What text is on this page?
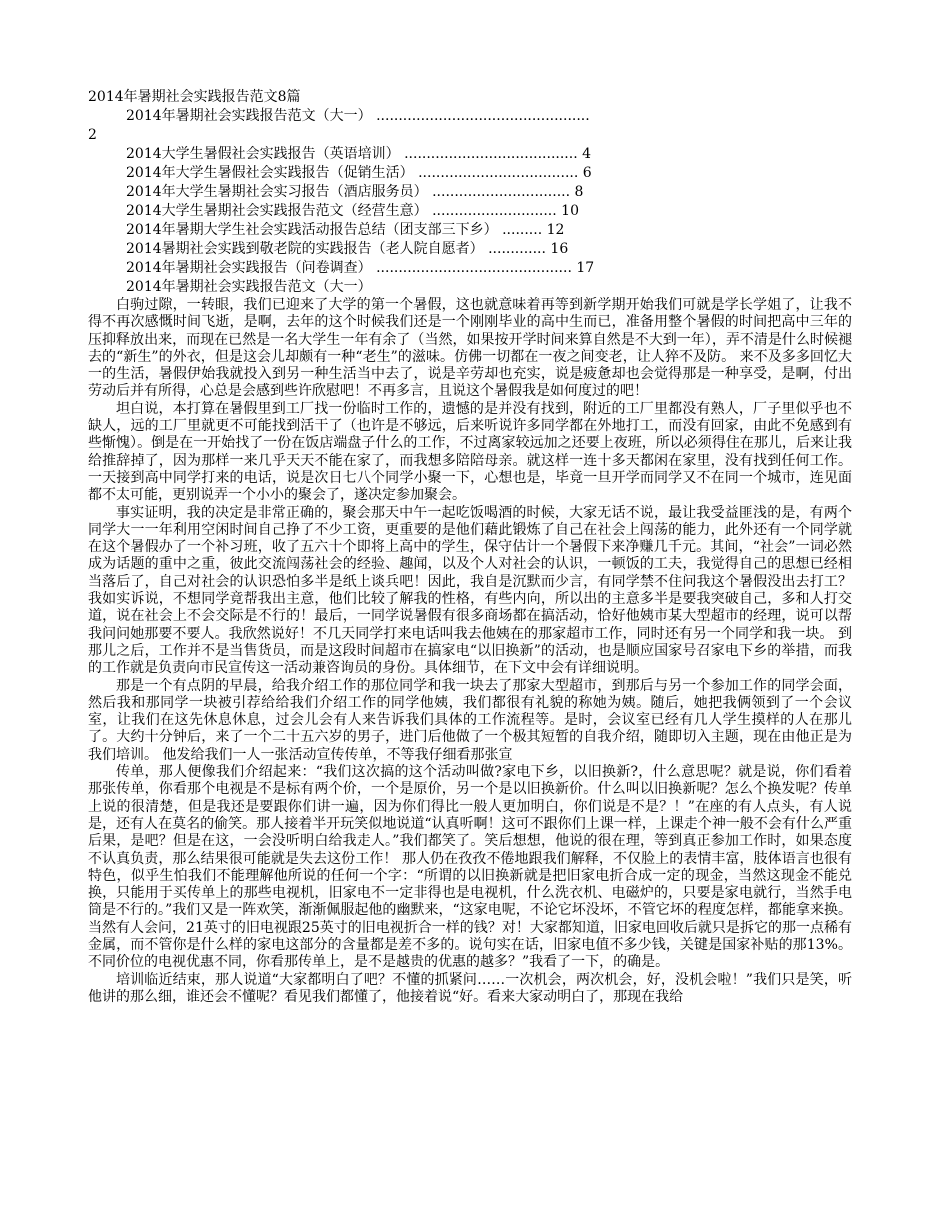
2014年暑期社会实践报告范文8篇

2014年暑期社会实践报告范文（大一） ................................................
2
2014大学生暑假社会实践报告（英语培训） ....................................... 4
2014年大学生暑假社会实践报告（促销生活） .................................... 6
2014年大学生暑期社会实习报告（酒店服务员） ............................... 8
2014大学生暑期社会实践报告范文（经营生意） ............................ 10
2014年暑期大学生社会实践活动报告总结（团支部三下乡） ......... 12
2014暑期社会实践到敬老院的实践报告（老人院自愿者） ............. 16
2014年暑期社会实践报告（问卷调查） ............................................ 17

2014年暑期社会实践报告范文（大一）

白驹过隙，一转眼，我们已迎来了大学的第一个暑假，这也就意味着再等到新学期开始我们可就是学长学姐了，让我不得不再次感慨时间飞逝，是啊，去年的这个时候我们还是一个刚刚毕业的高中生而已，准备用整个暑假的时间把高中三年的压抑释放出来，而现在已然是一名大学生一年有余了（当然，如果按开学时间来算自然是不大到一年），弄不清是什么时候褪去的“新生”的外衣，但是这会儿却颇有一种“老生”的滋味。仿佛一切都在一夜之间变老，让人猝不及防。 来不及多多回忆大一的生活，暑假伊始我就投入到另一种生活当中去了，说是辛劳却也充实，说是疲惫却也会觉得那是一种享受，是啊，付出劳动后并有所得，心总是会感到些许欣慰吧！不再多言，且说这个暑假我是如何度过的吧！

坦白说，本打算在暑假里到工厂找一份临时工作的，遗憾的是并没有找到，附近的工厂里都没有熟人，厂子里似乎也不缺人，远的工厂里就更不可能找到活干了（也许是不够远，后来听说许多同学都在外地打工，而没有回家，由此不免感到有些惭愧）。倒是在一开始找了一份在饭店端盘子什么的工作，不过离家较远加之还要上夜班，所以必须得住在那儿，后来让我给推辞掉了，因为那样一来几乎天天不能在家了，而我想多陪陪母亲。就这样一连十多天都闲在家里，没有找到任何工作。 一天接到高中同学打来的电话，说是次日七八个同学小聚一下，心想也是，毕竟一旦开学而同学又不在同一个城市，连见面都不太可能，更别说弄一个小小的聚会了，遂决定参加聚会。

事实证明，我的决定是非常正确的，聚会那天中午一起吃饭喝酒的时候，大家无话不说，最让我受益匪浅的是，有两个同学大一一年利用空闲时间自己挣了不少工资，更重要的是他们藉此锻炼了自己在社会上闯荡的能力，此外还有一个同学就在这个暑假办了一个补习班，收了五六十个即将上高中的学生，保守估计一个暑假下来净赚几千元。其间，“社会”一词必然成为话题的重中之重，彼此交流闯荡社会的经验、趣闻，以及个人对社会的认识，一顿饭的工夫，我觉得自己的思想已经相当落后了，自己对社会的认识恐怕多半是纸上谈兵吧！因此，我自是沉默而少言，有同学禁不住问我这个暑假没出去打工？我如实诉说，不想同学竟帮我出主意，他们比较了解我的性格，有些内向，所以出的主意多半是要我突破自己，多和人打交道，说在社会上不会交际是不行的！最后，一同学说暑假有很多商场都在搞活动，恰好他姨市某大型超市的经理，说可以帮我问问她那要不要人。我欣然说好！不几天同学打来电话叫我去他姨在的那家超市工作，同时还有另一个同学和我一块。 到那儿之后，工作并不是当售货员，而是这段时间超市在搞家电“以旧换新”的活动，也是顺应国家号召家电下乡的举措，而我的工作就是负责向市民宣传这一活动兼咨询员的身份。具体细节，在下文中会有详细说明。

那是一个有点阴的早晨，给我介绍工作的那位同学和我一块去了那家大型超市，到那后与另一个参加工作的同学会面，然后我和那同学一块被引荐给给我们介绍工作的同学他姨，我们都很有礼貌的称她为姨。随后，她把我俩领到了一个会议室，让我们在这先休息休息，过会儿会有人来告诉我们具体的工作流程等。是时，会议室已经有几人学生摸样的人在那儿了。大约十分钟后，来了一个二十五六岁的男子，进门后他做了一个极其短暂的自我介绍，随即切入主题，现在由他正是为我们培训。 他发给我们一人一张活动宣传传单，不等我仔细看那张宣

传单，那人便像我们介绍起来：“我们这次搞的这个活动叫做?家电下乡，以旧换新?，什么意思呢？就是说，你们看着那张传单，你看那个电视是不是标有两个价，一个是原价，另一个是以旧换新价。什么叫以旧换新呢？怎么个换发呢？传单上说的很清楚，但是我还是要跟你们讲一遍，因为你们得比一般人更加明白，你们说是不是？！”在座的有人点头，有人说是，还有人在莫名的偷笑。那人接着半开玩笑似地说道“认真听啊！这可不跟你们上课一样，上课走个神一般不会有什么严重后果，是吧？但是在这，一会没听明白给我走人。”我们都笑了。笑后想想，他说的很在理，等到真正参加工作时，如果态度不认真负责，那么结果很可能就是失去这份工作！ 那人仍在孜孜不倦地跟我们解释，不仅脸上的表情丰富，肢体语言也很有特色，似乎生怕我们不能理解他所说的任何一个字：“所谓的以旧换新就是把旧家电折合成一定的现金，当然这现金不能兑换，只能用于买传单上的那些电视机，旧家电不一定非得也是电视机，什么洗衣机、电磁炉的，只要是家电就行，当然手电筒是不行的。”我们又是一阵欢笑，渐渐佩服起他的幽默来，“这家电呢，不论它坏没坏，不管它坏的程度怎样，都能拿来换。当然有人会问，21英寸的旧电视跟25英寸的旧电视折合一样的钱？对！大家都知道，旧家电回收后就只是拆它的那一点稀有金属，而不管你是什么样的家电这部分的含量都是差不多的。说句实在话，旧家电值不多少钱，关键是国家补贴的那13%。不同价位的电视优惠不同，你看那传单上，是不是越贵的优惠的越多？”我看了一下，的确是。

培训临近结束，那人说道“大家都明白了吧？不懂的抓紧问……一次机会，两次机会，好，没机会啦！”我们只是笑，听他讲的那么细，谁还会不懂呢？看见我们都懂了，他接着说“好。看来大家动明白了，那现在我给
